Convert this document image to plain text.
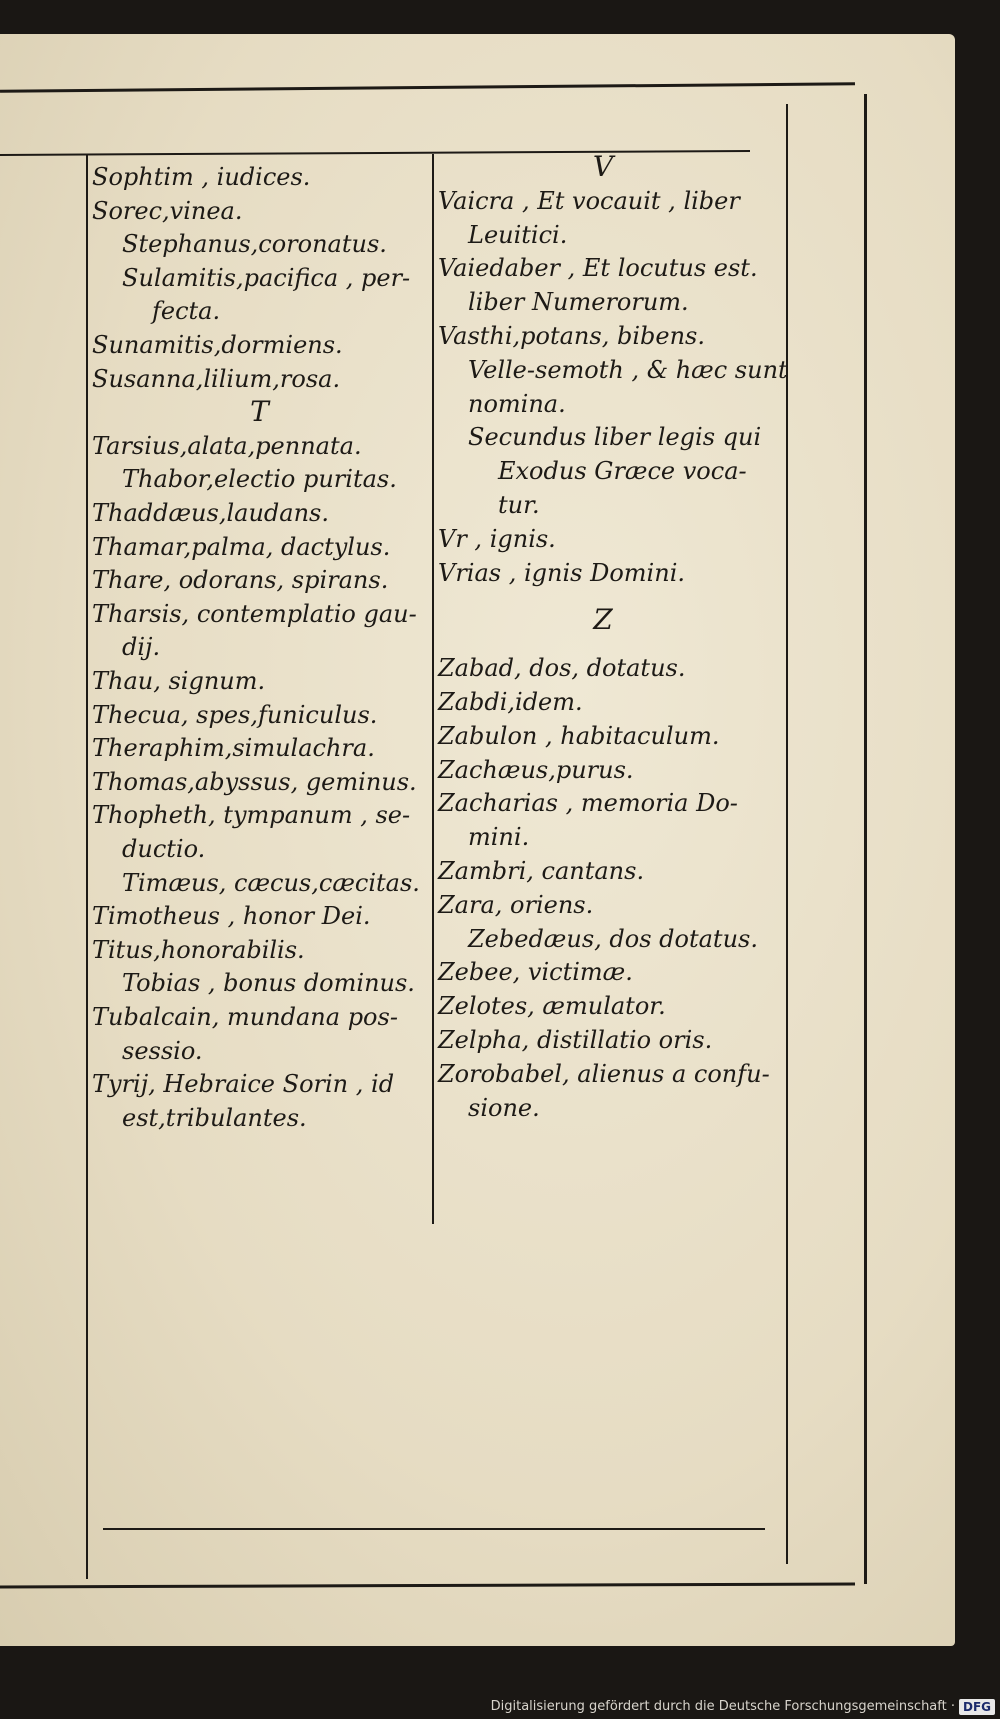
Sophtim , iudices.
Sorec,vinea.
Stephanus,coronatus.
Sulamitis,pacifica , per-
fecta.
Sunamitis,dormiens.
Susanna,lilium,rosa.
T
Tarsius,alata,pennata.
Thabor,electio puritas.
Thaddæus,laudans.
Thamar,palma, dactylus.
Thare, odorans, spirans.
Tharsis, contemplatio gau-
dij.
Thau, signum.
Thecua, spes,funiculus.
Theraphim,simulachra.
Thomas,abyssus, geminus.
Thopheth, tympanum , se-
ductio.
Timæus, cæcus,cæcitas.
Timotheus , honor Dei.
Titus,honorabilis.
Tobias , bonus dominus.
Tubalcain, mundana pos-
sessio.
Tyrij, Hebraice Sorin , id
est,tribulantes.
V
Vaicra , Et vocauit , liber
Leuitici.
Vaiedaber , Et locutus est.
liber Numerorum.
Vasthi,potans, bibens.
Velle-semoth , & hæc sunt
nomina.
Secundus liber legis qui
Exodus Græce voca-
tur.
Vr , ignis.
Vrias , ignis Domini.
Z
Zabad, dos, dotatus.
Zabdi,idem.
Zabulon , habitaculum.
Zachæus,purus.
Zacharias , memoria Do-
mini.
Zambri, cantans.
Zara, oriens.
Zebedæus, dos dotatus.
Zebee, victimæ.
Zelotes, æmulator.
Zelpha, distillatio oris.
Zorobabel, alienus a confu-
sione.
Digitalisierung gefördert durch die Deutsche Forschungsgemeinschaft · DFG
